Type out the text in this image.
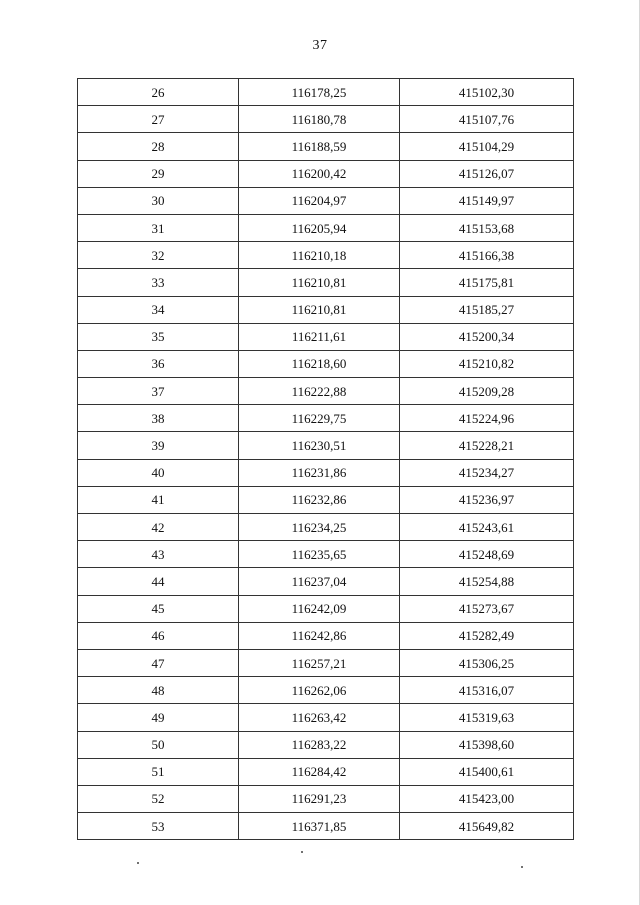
37
26	116178,25	415102,30
27	116180,78	415107,76
28	116188,59	415104,29
29	116200,42	415126,07
30	116204,97	415149,97
31	116205,94	415153,68
32	116210,18	415166,38
33	116210,81	415175,81
34	116210,81	415185,27
35	116211,61	415200,34
36	116218,60	415210,82
37	116222,88	415209,28
38	116229,75	415224,96
39	116230,51	415228,21
40	116231,86	415234,27
41	116232,86	415236,97
42	116234,25	415243,61
43	116235,65	415248,69
44	116237,04	415254,88
45	116242,09	415273,67
46	116242,86	415282,49
47	116257,21	415306,25
48	116262,06	415316,07
49	116263,42	415319,63
50	116283,22	415398,60
51	116284,42	415400,61
52	116291,23	415423,00
53	116371,85	415649,82
